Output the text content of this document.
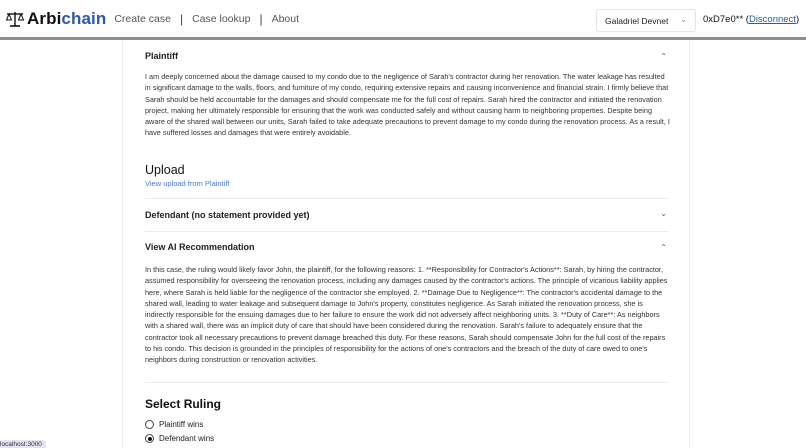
Arbichain Create case | Case lookup | About	Galadriel Devnet ⌄ 0xD7e0** (Disconnect)
Plaintiff	⌃
I am deeply concerned about the damage caused to my condo due to the negligence of Sarah's contractor during her renovation. The water leakage has resulted in significant damage to the walls, floors, and furniture of my condo, requiring extensive repairs and causing inconvenience and financial strain. I firmly believe that Sarah should be held accountable for the damages and should compensate me for the full cost of repairs. Sarah hired the contractor and initiated the renovation project, making her ultimately responsible for ensuring that the work was conducted safely and without causing harm to neighboring properties. Despite being aware of the shared wall between our units, Sarah failed to take adequate precautions to prevent damage to my condo during the renovation process. As a result, I have suffered losses and damages that were entirely avoidable.
Upload
View upload from Plaintiff
Defendant (no statement provided yet)	⌄
View AI Recommendation	⌃
In this case, the ruling would likely favor John, the plaintiff, for the following reasons: 1. **Responsibility for Contractor's Actions**: Sarah, by hiring the contractor, assumed responsibility for overseeing the renovation process, including any damages caused by the contractor's actions. The principle of vicarious liability applies here, where Sarah is held liable for the negligence of the contractor she employed. 2. **Damage Due to Negligence**: The contractor's accidental damage to the shared wall, leading to water leakage and subsequent damage to John's property, constitutes negligence. As Sarah initiated the renovation process, she is indirectly responsible for the ensuing damages due to her failure to ensure the work did not adversely affect neighboring units. 3. **Duty of Care**: As neighbors with a shared wall, there was an implicit duty of care that should have been considered during the renovation. Sarah's failure to adequately ensure that the contractor took all necessary precautions to prevent damage breached this duty. For these reasons, Sarah should compensate John for the full cost of the repairs to his condo. This decision is grounded in the principles of responsibility for the actions of one's contractors and the breach of the duty of care owed to one's neighbors during construction or renovation activities.
Select Ruling
Plaintiff wins
Defendant wins
localhost:3000
